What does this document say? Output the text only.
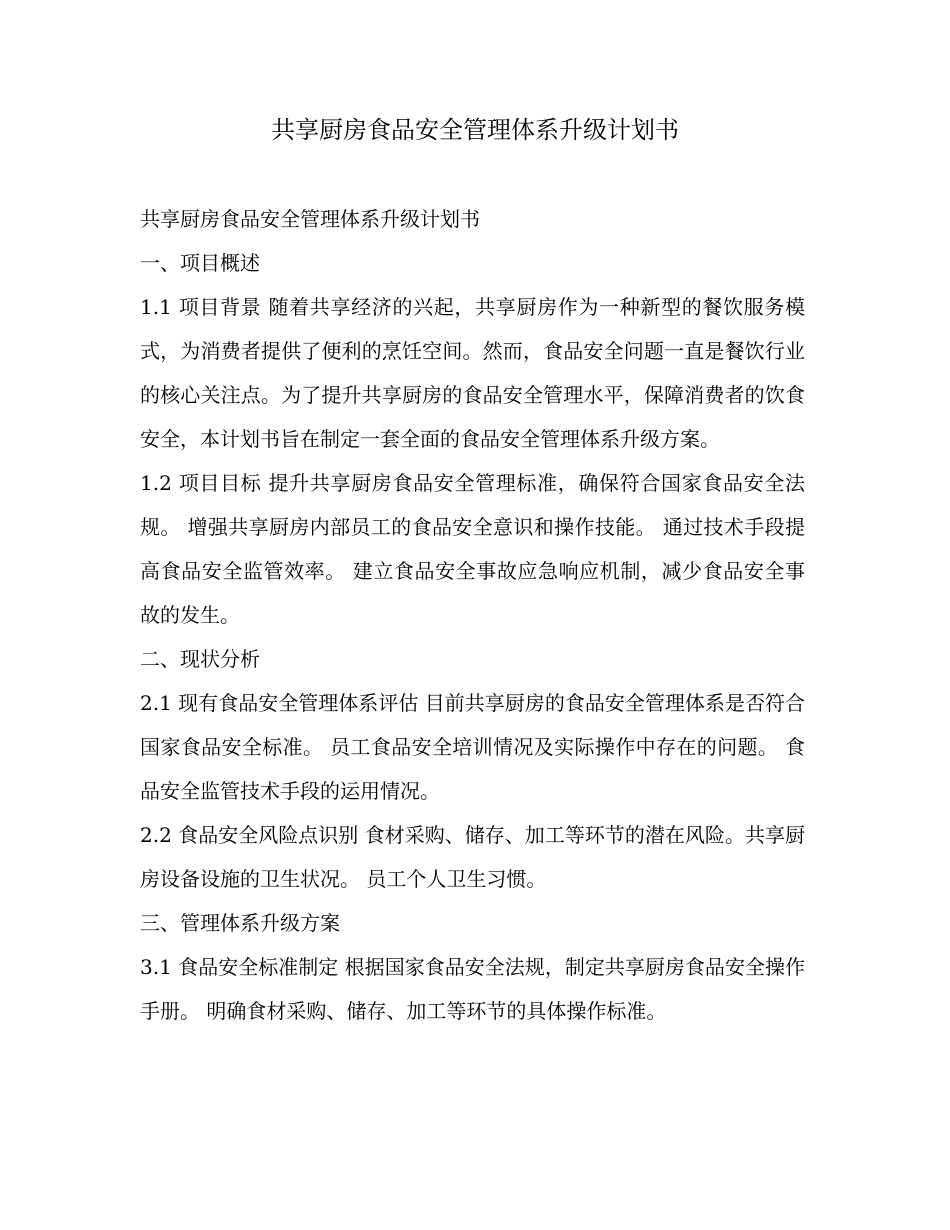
共享厨房食品安全管理体系升级计划书

共享厨房食品安全管理体系升级计划书

一、项目概述

1.1 项目背景 随着共享经济的兴起，共享厨房作为一种新型的餐饮服务模式，为消费者提供了便利的烹饪空间。然而，食品安全问题一直是餐饮行业的核心关注点。为了提升共享厨房的食品安全管理水平，保障消费者的饮食安全，本计划书旨在制定一套全面的食品安全管理体系升级方案。

1.2 项目目标 提升共享厨房食品安全管理标准，确保符合国家食品安全法规。 增强共享厨房内部员工的食品安全意识和操作技能。 通过技术手段提高食品安全监管效率。 建立食品安全事故应急响应机制，减少食品安全事故的发生。

二、现状分析

2.1 现有食品安全管理体系评估 目前共享厨房的食品安全管理体系是否符合国家食品安全标准。 员工食品安全培训情况及实际操作中存在的问题。 食品安全监管技术手段的运用情况。

2.2 食品安全风险点识别 食材采购、储存、加工等环节的潜在风险。共享厨房设备设施的卫生状况。 员工个人卫生习惯。

三、管理体系升级方案

3.1 食品安全标准制定 根据国家食品安全法规，制定共享厨房食品安全操作手册。 明确食材采购、储存、加工等环节的具体操作标准。
